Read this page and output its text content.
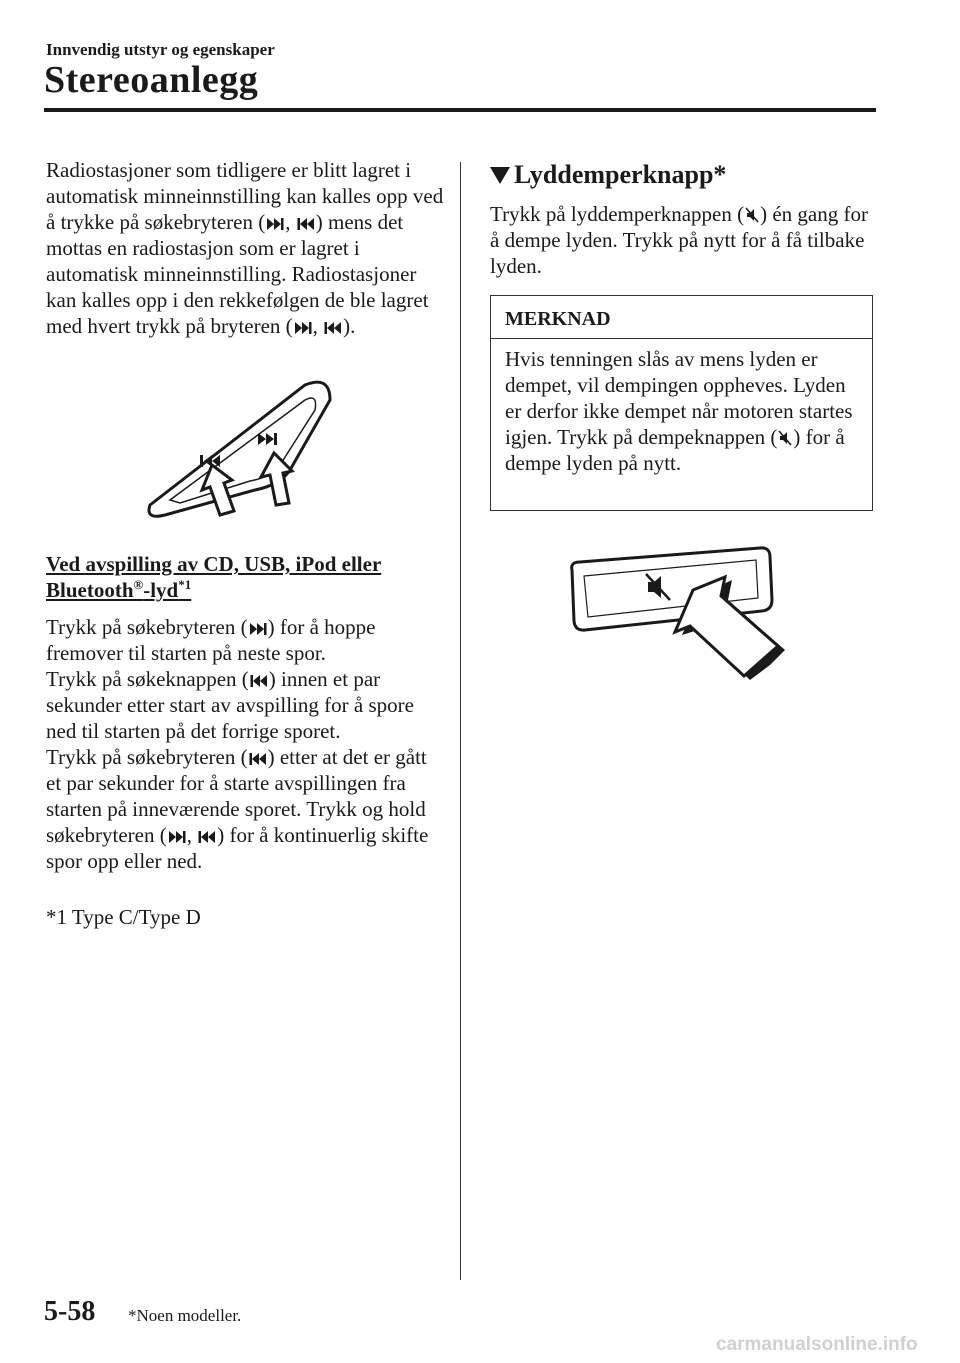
Innvendig utstyr og egenskaper
Stereoanlegg
Radiostasjoner som tidligere er blitt lagret i automatisk minneinnstilling kan kalles opp ved å trykke på søkebryteren ( , ) mens det mottas en radiostasjon som er lagret i automatisk minneinnstilling. Radiostasjoner kan kalles opp i den rekkefølgen de ble lagret med hvert trykk på bryteren ( , ).
Ved avspilling av CD, USB, iPod eller
Bluetooth®-lyd$^{*1}$
Trykk på søkebryteren ( ) for å hoppe fremover til starten på neste spor.
Trykk på søkeknappen ( ) innen et par sekunder etter start av avspilling for å spore ned til starten på det forrige sporet.
Trykk på søkebryteren ( ) etter at det er gått et par sekunder for å starte avspillingen fra starten på inneværende sporet. Trykk og hold søkebryteren ( , ) for å kontinuerlig skifte spor opp eller ned.
*1 Type C/Type D
Lyddemperknapp*
Trykk på lyddemperknappen ( ) én gang for å dempe lyden. Trykk på nytt for å få tilbake lyden.
MERKNAD
Hvis tenningen slås av mens lyden er dempet, vil dempingen oppheves. Lyden er derfor ikke dempet når motoren startes igjen. Trykk på dempeknappen ( ) for å dempe lyden på nytt.
5-58 *Noen modeller.
carmanualsonline.info
